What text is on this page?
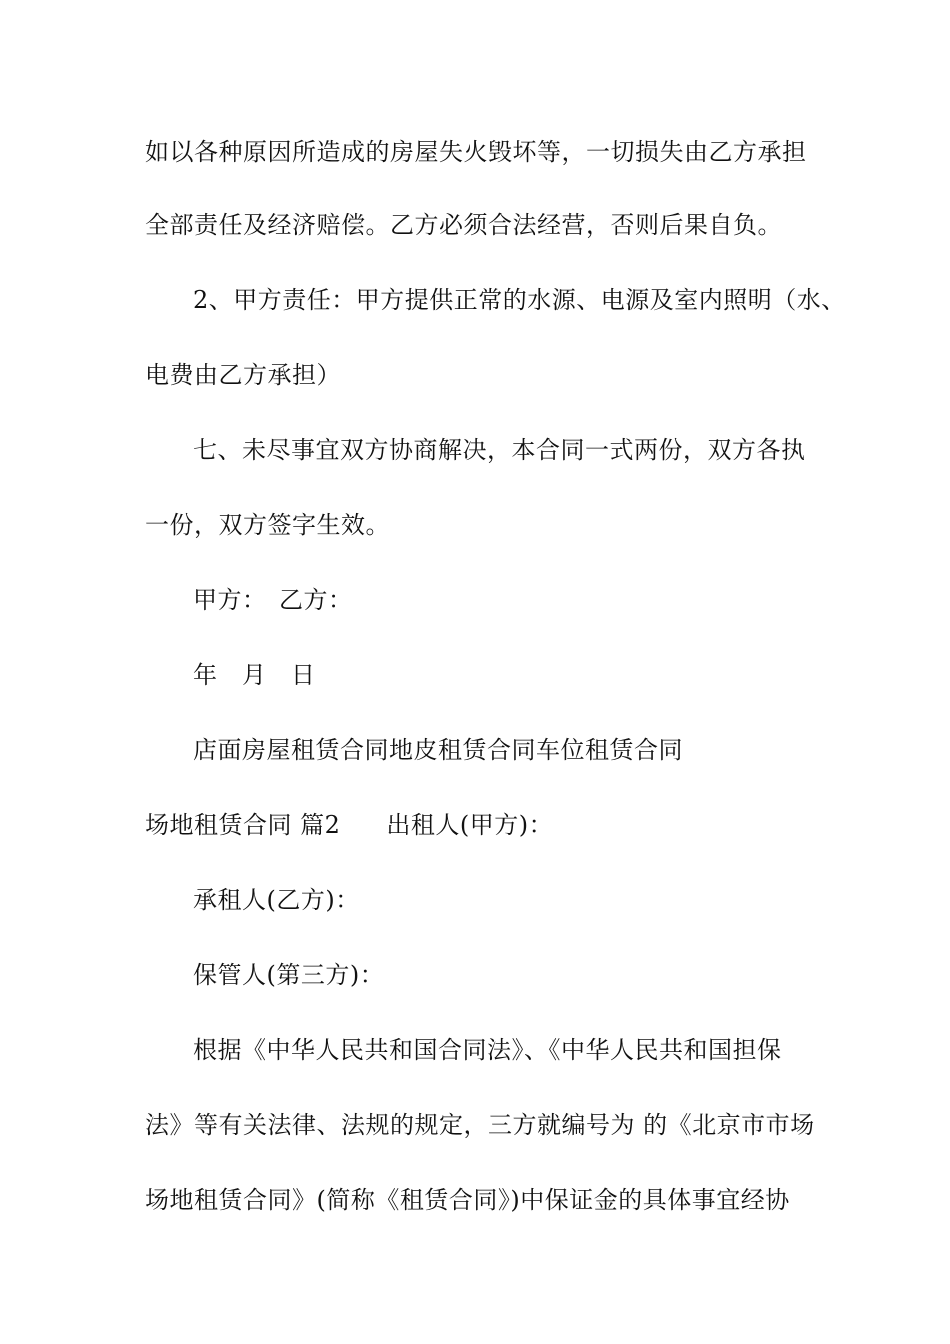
如以各种原因所造成的房屋失火毁坏等，一切损失由乙方承担
全部责任及经济赔偿。乙方必须合法经营，否则后果自负。
2、甲方责任：甲方提供正常的水源、电源及室内照明（水、
电费由乙方承担）
七、未尽事宜双方协商解决，本合同一式两份，双方各执
一份，双方签字生效。
甲方：　乙方：
年　月　日
店面房屋租赁合同地皮租赁合同车位租赁合同
场地租赁合同 篇2 出租人(甲方)：
承租人(乙方)：
保管人(第三方)：
根据《中华人民共和国合同法》、《中华人民共和国担保
法》等有关法律、法规的规定，三方就编号为 的《北京市市场
场地租赁合同》(简称《租赁合同》)中保证金的具体事宜经协
